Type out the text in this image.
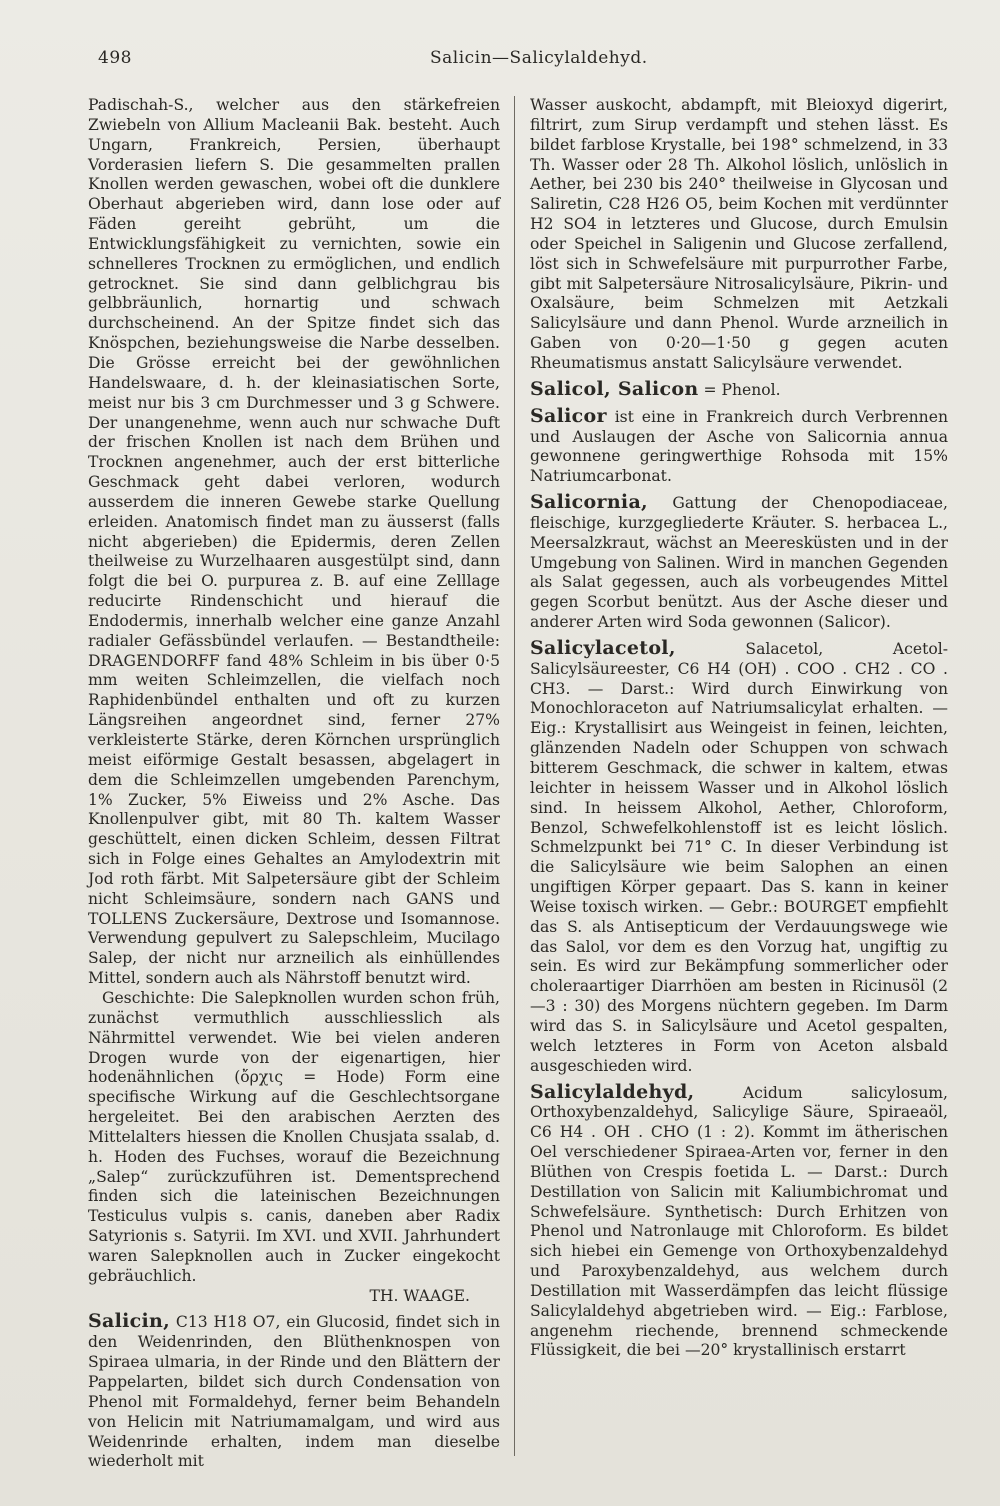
498	Salicin—Salicylaldehyd.

Padischah-S., welcher aus den stärkefreien Zwiebeln von Allium Macleanii Bak. besteht. Auch Ungarn, Frankreich, Persien, überhaupt Vorderasien liefern S. Die gesammelten prallen Knollen werden gewaschen, wobei oft die dunklere Oberhaut abgerieben wird, dann lose oder auf Fäden gereiht gebrüht, um die Entwicklungsfähigkeit zu vernichten, sowie ein schnelleres Trocknen zu ermöglichen, und endlich getrocknet. Sie sind dann gelblichgrau bis gelbbräunlich, hornartig und schwach durchscheinend. An der Spitze findet sich das Knöspchen, beziehungsweise die Narbe desselben. Die Grösse erreicht bei der gewöhnlichen Handelswaare, d. h. der kleinasiatischen Sorte, meist nur bis 3 cm Durchmesser und 3 g Schwere. Der unangenehme, wenn auch nur schwache Duft der frischen Knollen ist nach dem Brühen und Trocknen angenehmer, auch der erst bitterliche Geschmack geht dabei verloren, wodurch ausserdem die inneren Gewebe starke Quellung erleiden. Anatomisch findet man zu äusserst (falls nicht abgerieben) die Epidermis, deren Zellen theilweise zu Wurzelhaaren ausgestülpt sind, dann folgt die bei O. purpurea z. B. auf eine Zelllage reducirte Rindenschicht und hierauf die Endodermis, innerhalb welcher eine ganze Anzahl radialer Gefässbündel verlaufen. — Bestandtheile: DRAGENDORFF fand 48% Schleim in bis über 0·5 mm weiten Schleimzellen, die vielfach noch Raphidenbündel enthalten und oft zu kurzen Längsreihen angeordnet sind, ferner 27% verkleisterte Stärke, deren Körnchen ursprünglich meist eiförmige Gestalt besassen, abgelagert in dem die Schleimzellen umgebenden Parenchym, 1% Zucker, 5% Eiweiss und 2% Asche. Das Knollenpulver gibt, mit 80 Th. kaltem Wasser geschüttelt, einen dicken Schleim, dessen Filtrat sich in Folge eines Gehaltes an Amylodextrin mit Jod roth färbt. Mit Salpetersäure gibt der Schleim nicht Schleimsäure, sondern nach GANS und TOLLENS Zuckersäure, Dextrose und Isomannose. Verwendung gepulvert zu Salepschleim, Mucilago Salep, der nicht nur arzneilich als einhüllendes Mittel, sondern auch als Nährstoff benutzt wird.

Geschichte: Die Salepknollen wurden schon früh, zunächst vermuthlich ausschliesslich als Nährmittel verwendet. Wie bei vielen anderen Drogen wurde von der eigenartigen, hier hodenähnlichen (ὄρχις = Hode) Form eine specifische Wirkung auf die Geschlechtsorgane hergeleitet. Bei den arabischen Aerzten des Mittelalters hiessen die Knollen Chusjata ssalab, d. h. Hoden des Fuchses, worauf die Bezeichnung „Salep“ zurückzuführen ist. Dementsprechend finden sich die lateinischen Bezeichnungen Testiculus vulpis s. canis, daneben aber Radix Satyrionis s. Satyrii. Im XVI. und XVII. Jahrhundert waren Salepknollen auch in Zucker eingekocht gebräuchlich.

TH. WAAGE.

Salicin, C13 H18 O7, ein Glucosid, findet sich in den Weidenrinden, den Blüthenknospen von Spiraea ulmaria, in der Rinde und den Blättern der Pappelarten, bildet sich durch Condensation von Phenol mit Formaldehyd, ferner beim Behandeln von Helicin mit Natriumamalgam, und wird aus Weidenrinde erhalten, indem man dieselbe wiederholt mit

Wasser auskocht, abdampft, mit Bleioxyd digerirt, filtrirt, zum Sirup verdampft und stehen lässt. Es bildet farblose Krystalle, bei 198° schmelzend, in 33 Th. Wasser oder 28 Th. Alkohol löslich, unlöslich in Aether, bei 230 bis 240° theilweise in Glycosan und Saliretin, C28 H26 O5, beim Kochen mit verdünnter H2 SO4 in letzteres und Glucose, durch Emulsin oder Speichel in Saligenin und Glucose zerfallend, löst sich in Schwefelsäure mit purpurrother Farbe, gibt mit Salpetersäure Nitrosalicylsäure, Pikrin- und Oxalsäure, beim Schmelzen mit Aetzkali Salicylsäure und dann Phenol. Wurde arzneilich in Gaben von 0·20—1·50 g gegen acuten Rheumatismus anstatt Salicylsäure verwendet.

Salicol, Salicon = Phenol.

Salicor ist eine in Frankreich durch Verbrennen und Auslaugen der Asche von Salicornia annua gewonnene geringwerthige Rohsoda mit 15% Natriumcarbonat.

Salicornia, Gattung der Chenopodiaceae, fleischige, kurzgegliederte Kräuter. S. herbacea L., Meersalzkraut, wächst an Meeresküsten und in der Umgebung von Salinen. Wird in manchen Gegenden als Salat gegessen, auch als vorbeugendes Mittel gegen Scorbut benützt. Aus der Asche dieser und anderer Arten wird Soda gewonnen (Salicor).

Salicylacetol,	Salacetol, Acetol-Salicylsäureester, C6 H4 (OH) . COO . CH2 . CO . CH3. — Darst.: Wird durch Einwirkung von Monochloraceton auf Natriumsalicylat erhalten. — Eig.: Krystallisirt aus Weingeist in feinen, leichten, glänzenden Nadeln oder Schuppen von schwach bitterem Geschmack, die schwer in kaltem, etwas leichter in heissem Wasser und in Alkohol löslich sind. In heissem Alkohol, Aether, Chloroform, Benzol, Schwefelkohlenstoff ist es leicht löslich. Schmelzpunkt bei 71° C. In dieser Verbindung ist die Salicylsäure wie beim Salophen an einen ungiftigen Körper gepaart. Das S. kann in keiner Weise toxisch wirken. — Gebr.: BOURGET empfiehlt das S. als Antisepticum der Verdauungswege wie das Salol, vor dem es den Vorzug hat, ungiftig zu sein. Es wird zur Bekämpfung sommerlicher oder choleraartiger Diarrhöen am besten in Ricinusöl (2—3 : 30) des Morgens nüchtern gegeben. Im Darm wird das S. in Salicylsäure und Acetol gespalten, welch letzteres in Form von Aceton alsbald ausgeschieden wird.

Salicylaldehyd,	Acidum salicylosum, Orthoxybenzaldehyd, Salicylige Säure, Spiraeaöl, C6 H4 . OH . CHO (1 : 2). Kommt im ätherischen Oel verschiedener Spiraea-Arten vor, ferner in den Blüthen von Crespis foetida L. — Darst.: Durch Destillation von Salicin mit Kaliumbichromat und Schwefelsäure. Synthetisch: Durch Erhitzen von Phenol und Natronlauge mit Chloroform. Es bildet sich hiebei ein Gemenge von Orthoxybenzaldehyd und Paroxybenzaldehyd, aus welchem durch Destillation mit Wasserdämpfen das leicht flüssige Salicylaldehyd abgetrieben wird. — Eig.: Farblose, angenehm riechende, brennend schmeckende Flüssigkeit, die bei —20° krystallinisch erstarrt
